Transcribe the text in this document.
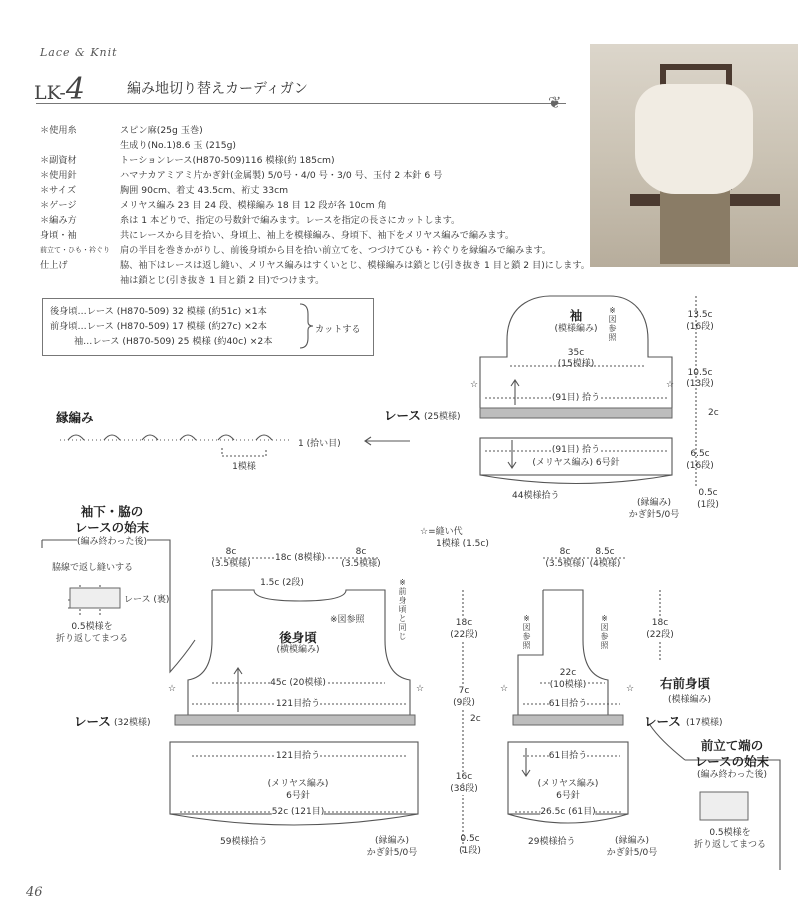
Lace & Knit
LK-4	編み地切り替えカーディガン
❦
＊使用糸	スピン麻(25g 玉巻)
生成り(No.1)8.6 玉 (215g)
＊副資材	トーションレース(H870-509)116 模様(約 185cm)
＊使用針	ハマナカアミアミ片かぎ針(金属製) 5/0号・4/0 号・3/0 号、玉付 2 本針 6 号
＊サイズ	胸囲 90cm、着丈 43.5cm、裄丈 33cm
＊ゲージ	メリヤス編み 23 目 24 段、模様編み 18 目 12 段が各 10cm 角
＊編み方	糸は 1 本どりで、指定の号数針で編みます。レースを指定の長さにカットします。
身頃・袖	共にレースから目を拾い、身頃上、袖上を模様編み、身頃下、袖下をメリヤス編みで編みます。
前立て・ひも・衿ぐり	肩の半目を巻きかがりし、前後身頃から目を拾い前立てを、つづけてひも・衿ぐりを縁編みで編みます。
仕上げ	脇、袖下はレースは返し縫い、メリヤス編みはすくいとじ、模様編みは鎖とじ(引き抜き 1 目と鎖 2 目)にします。
袖は鎖とじ(引き抜き 1 目と鎖 2 目)でつけます。
後身頃…レース (H870-509) 32 模様 (約51c) ×1本
前身頃…レース (H870-509) 17 模様 (約27c) ×2本
袖…レース (H870-509) 25 模様 (約40c) ×2本
カットする
縁編み
1模様
1 (拾い目)
袖
(模様編み)
※図参照
35c
(15模様)
(91目) 拾う
レース (25模様)
(91目) 拾う
(メリヤス編み) 6号針
44模様拾う
(縁編み)
かぎ針5/0号
13.5c
(16段)
10.5c
(13段)
2c
6.5c
(16段)
0.5c
(1段)
☆	☆
☆=縫い代
1模様 (1.5c)
袖下・脇の
レースの始末
(編み終わった後)
脇線で返し縫いする
レース (裏)
0.5模様を
折り返してまつる
8c
(3.5模様)
18c (8模様)
8c
(3.5模様)
1.5c (2段)
※図参照
※前身頃と同じ
後身頃
(横模編み)
45c (20模様)
121目拾う
レース (32模様)
121目拾う
(メリヤス編み)
6号針
52c (121目)
59模様拾う	(縁編み)
かぎ針5/0号
18c
(22段)
7c
(9段)
2c
16c
(38段)
0.5c
(1段)
☆	☆
8c
(3.5模様)
8.5c
(4模様)
※図参照
※図参照
22c
(10模様)
61目拾う
レース (17模様)
右前身頃
(模様編み)
61目拾う
(メリヤス編み)
6号針
26.5c (61目)
29模様拾う	(縁編み)
かぎ針5/0号
18c
(22段)
☆	☆
前立て端の
レースの始末
(編み終わった後)
0.5模様を
折り返してまつる
46
